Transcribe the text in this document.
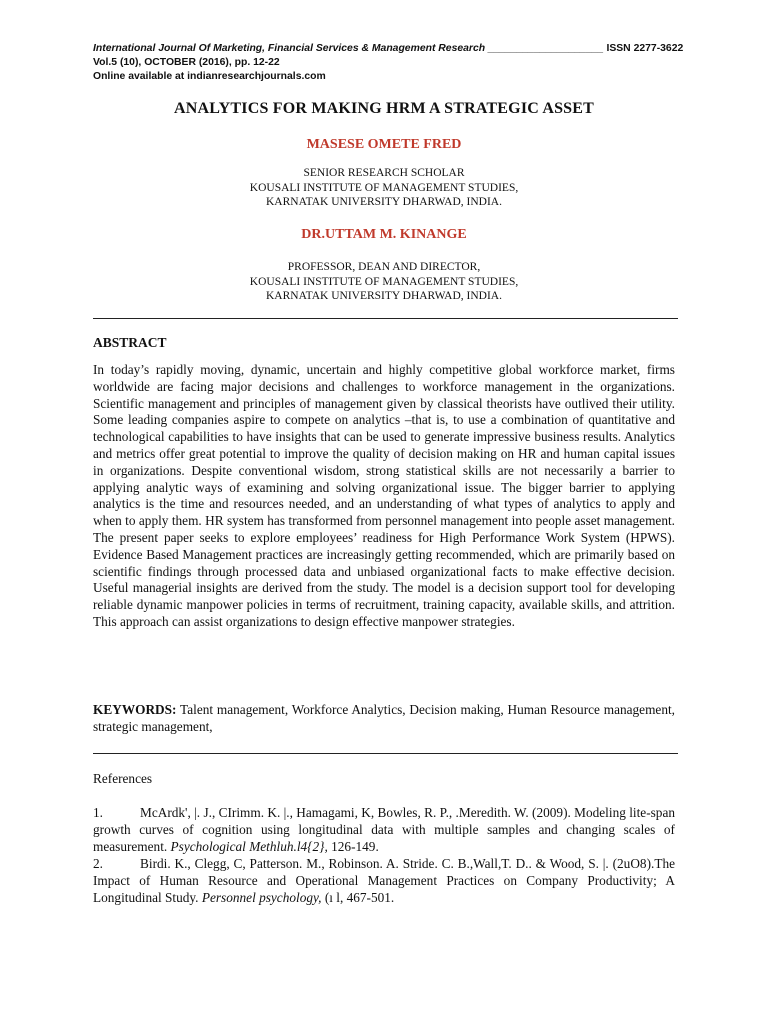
International Journal Of Marketing, Financial Services & Management Research ____________________ ISSN 2277-3622
Vol.5 (10), OCTOBER (2016), pp. 12-22
Online available at indianresearchjournals.com
ANALYTICS FOR MAKING HRM A STRATEGIC ASSET
MASESE OMETE FRED
SENIOR RESEARCH SCHOLAR
KOUSALI INSTITUTE OF MANAGEMENT STUDIES,
KARNATAK UNIVERSITY DHARWAD, INDIA.
DR.UTTAM M. KINANGE
PROFESSOR, DEAN AND DIRECTOR,
KOUSALI INSTITUTE OF MANAGEMENT STUDIES,
KARNATAK UNIVERSITY DHARWAD, INDIA.
ABSTRACT

In today’s rapidly moving, dynamic, uncertain and highly competitive global workforce market, firms worldwide are facing major decisions and challenges to workforce management in the organizations. Scientific management and principles of management given by classical theorists have outlived their utility. Some leading companies aspire to compete on analytics –that is, to use a combination of quantitative and technological capabilities to have insights that can be used to generate impressive business results. Analytics and metrics offer great potential to improve the quality of decision making on HR and human capital issues in organizations. Despite conventional wisdom, strong statistical skills are not necessarily a barrier to applying analytic ways of examining and solving organizational issue. The bigger barrier to applying analytics is the time and resources needed, and an understanding of what types of analytics to apply and when to apply them. HR system has transformed from personnel management into people asset management. The present paper seeks to explore employees’ readiness for High Performance Work System (HPWS). Evidence Based Management practices are increasingly getting recommended, which are primarily based on scientific findings through processed data and unbiased organizational facts to make effective decision. Useful managerial insights are derived from the study. The model is a decision support tool for developing reliable dynamic manpower policies in terms of recruitment, training capacity, available skills, and attrition. This approach can assist organizations to design effective manpower strategies.

KEYWORDS: Talent management, Workforce Analytics, Decision making, Human Resource management, strategic management,

References

1.	McArdk', |. J., CIrimm. K. |., Hamagami, K, Bowles, R. P., .Meredith. W. (2009). Modeling lite-span growth curves of cognition using longitudinal data with multiple samples and changing scales of measurement. Psychological Methluh.l4{2}, 126-149.

2.	Birdi. K., Clegg, C, Patterson. M., Robinson. A. Stride. C. B.,Wall,T. D.. & Wood, S. |. (2uO8).The Impact of Human Resource and Operational Management Practices on Company Productivity; A Longitudinal Study. Personnel psychology, (ı l, 467-501.
